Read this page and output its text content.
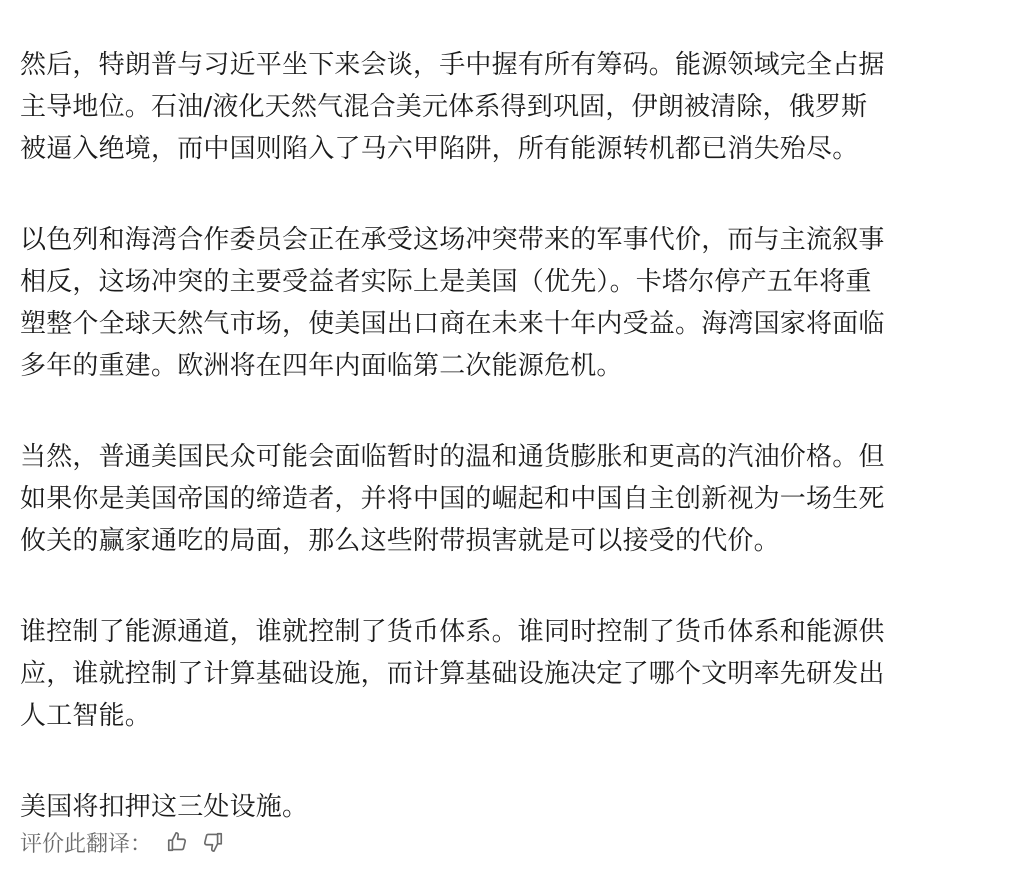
然后，特朗普与习近平坐下来会谈，手中握有所有筹码。能源领域完全占据
主导地位。石油/液化天然气混合美元体系得到巩固，伊朗被清除，俄罗斯
被逼入绝境，而中国则陷入了马六甲陷阱，所有能源转机都已消失殆尽。

以色列和海湾合作委员会正在承受这场冲突带来的军事代价，而与主流叙事
相反，这场冲突的主要受益者实际上是美国（优先）。卡塔尔停产五年将重
塑整个全球天然气市场，使美国出口商在未来十年内受益。海湾国家将面临
多年的重建。欧洲将在四年内面临第二次能源危机。

当然，普通美国民众可能会面临暂时的温和通货膨胀和更高的汽油价格。但
如果你是美国帝国的缔造者，并将中国的崛起和中国自主创新视为一场生死
攸关的赢家通吃的局面，那么这些附带损害就是可以接受的代价。

谁控制了能源通道，谁就控制了货币体系。谁同时控制了货币体系和能源供
应，谁就控制了计算基础设施，而计算基础设施决定了哪个文明率先研发出
人工智能。

美国将扣押这三处设施。

评价此翻译：
